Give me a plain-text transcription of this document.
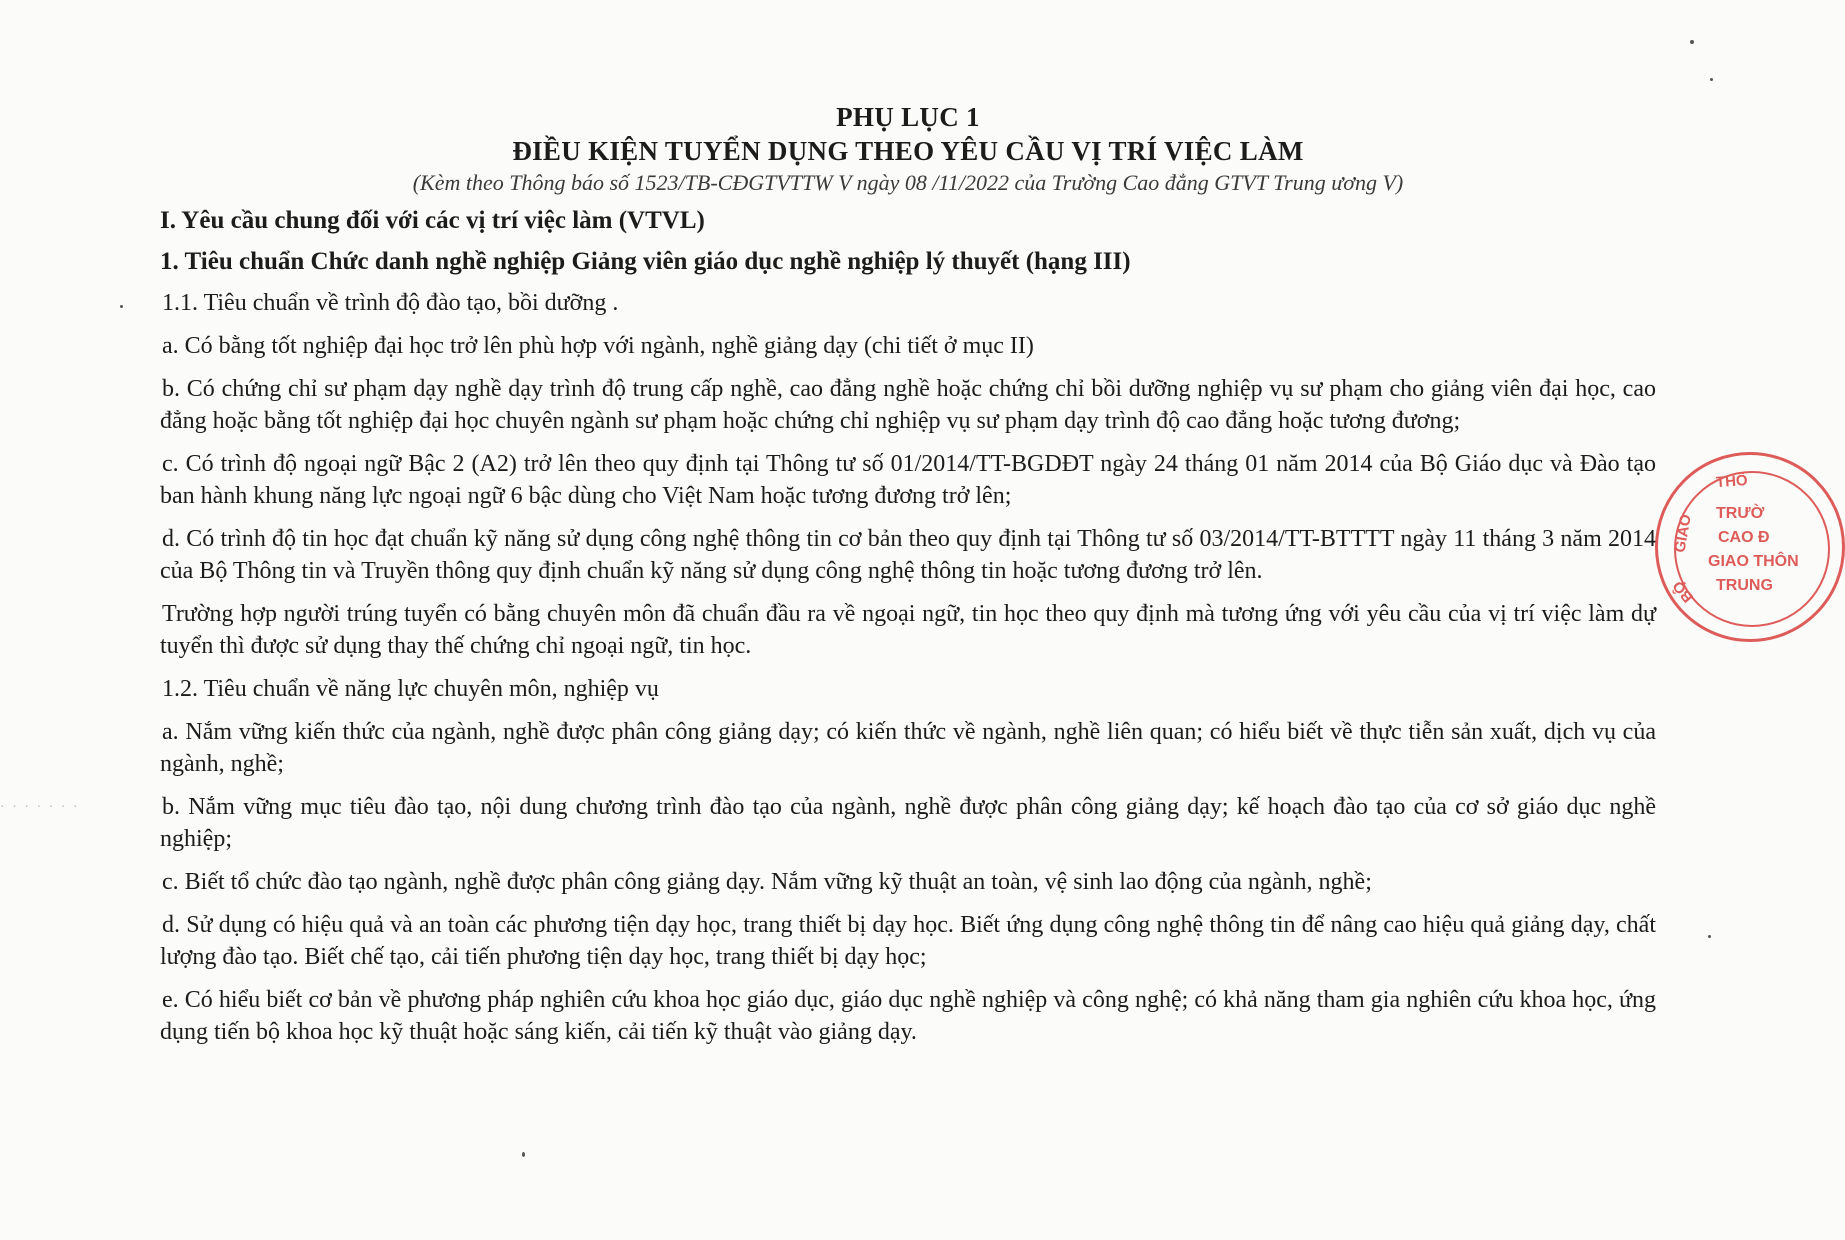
· · · · · · ·
PHỤ LỤC 1
ĐIỀU KIỆN TUYỂN DỤNG THEO YÊU CẦU VỊ TRÍ VIỆC LÀM
(Kèm theo Thông báo số 1523/TB-CĐGTVTTW V ngày 08 /11/2022 của Trường Cao đẳng GTVT Trung ương V)
I. Yêu cầu chung đối với các vị trí việc làm (VTVL)
1. Tiêu chuẩn Chức danh nghề nghiệp Giảng viên giáo dục nghề nghiệp lý thuyết (hạng III)

1.1. Tiêu chuẩn về trình độ đào tạo, bồi dưỡng .

a. Có bằng tốt nghiệp đại học trở lên phù hợp với ngành, nghề giảng dạy (chi tiết ở mục II)

b. Có chứng chỉ sư phạm dạy nghề dạy trình độ trung cấp nghề, cao đẳng nghề hoặc chứng chỉ bồi dưỡng nghiệp vụ sư phạm cho giảng viên đại học, cao đẳng hoặc bằng tốt nghiệp đại học chuyên ngành sư phạm hoặc chứng chỉ nghiệp vụ sư phạm dạy trình độ cao đẳng hoặc tương đương;

c. Có trình độ ngoại ngữ Bậc 2 (A2) trở lên theo quy định tại Thông tư số 01/2014/TT-BGDĐT ngày 24 tháng 01 năm 2014 của Bộ Giáo dục và Đào tạo ban hành khung năng lực ngoại ngữ 6 bậc dùng cho Việt Nam hoặc tương đương trở lên;

d. Có trình độ tin học đạt chuẩn kỹ năng sử dụng công nghệ thông tin cơ bản theo quy định tại Thông tư số 03/2014/TT-BTTTT ngày 11 tháng 3 năm 2014 của Bộ Thông tin và Truyền thông quy định chuẩn kỹ năng sử dụng công nghệ thông tin hoặc tương đương trở lên.

Trường hợp người trúng tuyển có bằng chuyên môn đã chuẩn đầu ra về ngoại ngữ, tin học theo quy định mà tương ứng với yêu cầu của vị trí việc làm dự tuyển thì được sử dụng thay thế chứng chỉ ngoại ngữ, tin học.

1.2. Tiêu chuẩn về năng lực chuyên môn, nghiệp vụ

a. Nắm vững kiến thức của ngành, nghề được phân công giảng dạy; có kiến thức về ngành, nghề liên quan; có hiểu biết về thực tiễn sản xuất, dịch vụ của ngành, nghề;

b. Nắm vững mục tiêu đào tạo, nội dung chương trình đào tạo của ngành, nghề được phân công giảng dạy; kế hoạch đào tạo của cơ sở giáo dục nghề nghiệp;

c. Biết tổ chức đào tạo ngành, nghề được phân công giảng dạy. Nắm vững kỹ thuật an toàn, vệ sinh lao động của ngành, nghề;

d. Sử dụng có hiệu quả và an toàn các phương tiện dạy học, trang thiết bị dạy học. Biết ứng dụng công nghệ thông tin để nâng cao hiệu quả giảng dạy, chất lượng đào tạo. Biết chế tạo, cải tiến phương tiện dạy học, trang thiết bị dạy học;

e. Có hiểu biết cơ bản về phương pháp nghiên cứu khoa học giáo dục, giáo dục nghề nghiệp và công nghệ; có khả năng tham gia nghiên cứu khoa học, ứng dụng tiến bộ khoa học kỹ thuật hoặc sáng kiến, cải tiến kỹ thuật vào giảng dạy.

THÔ
GIAO
BỘ
TRƯỜ
CAO Đ
GIAO THÔN
TRUNG
